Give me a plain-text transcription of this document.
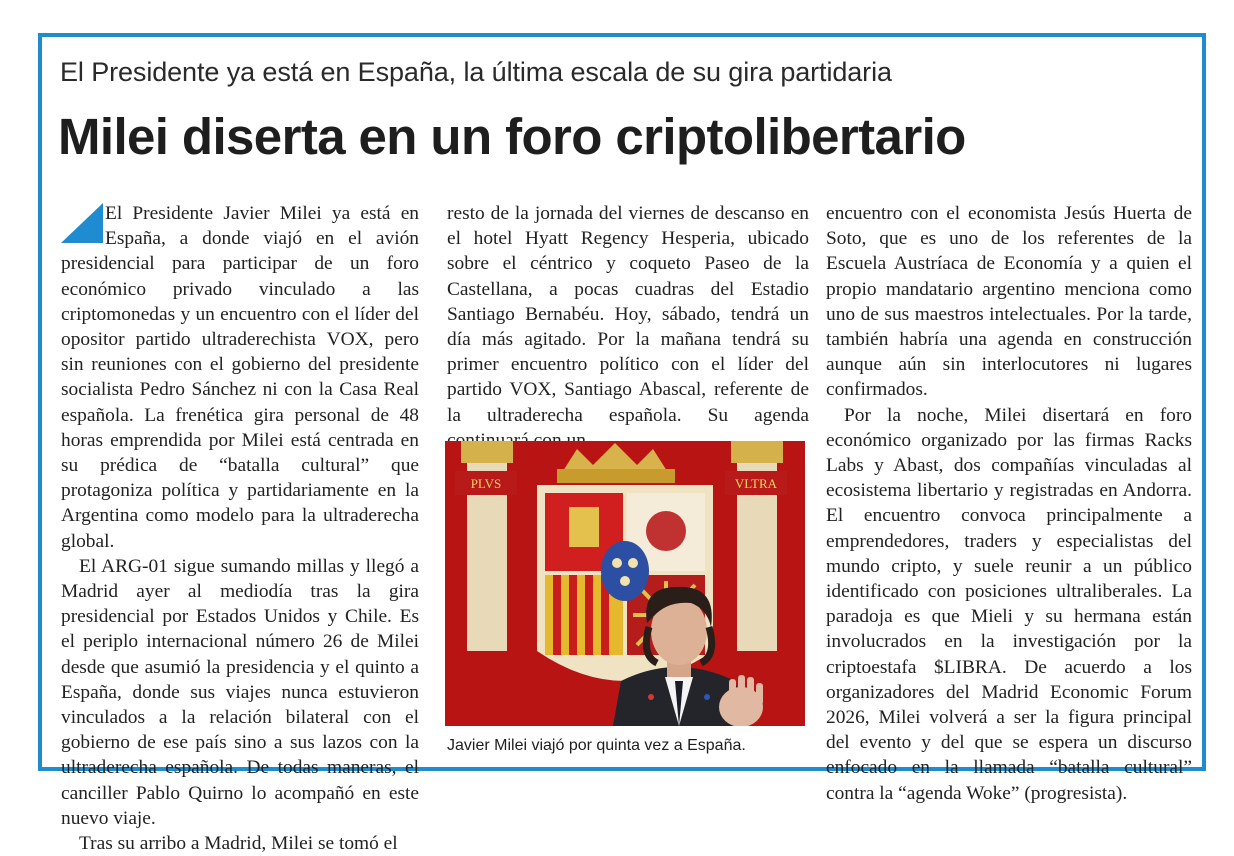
El Presidente ya está en España, la última escala de su gira partidaria
Milei diserta en un foro criptolibertario

El Presidente Javier Milei ya está en España, a donde viajó en el avión presidencial para participar de un foro económico privado vinculado a las criptomonedas y un encuentro con el líder del opositor partido ultraderechista VOX, pero sin reuniones con el gobierno del presidente socialista Pedro Sánchez ni con la Casa Real española. La frenética gira personal de 48 horas emprendida por Milei está centrada en su prédica de “batalla cultural” que protagoniza política y partidariamente en la Argentina como modelo para la ultraderecha global.

El ARG-01 sigue sumando millas y llegó a Madrid ayer al mediodía tras la gira presidencial por Estados Unidos y Chile. Es el periplo internacional número 26 de Milei desde que asumió la presidencia y el quinto a España, donde sus viajes nunca estuvieron vinculados a la relación bilateral con el gobierno de ese país sino a sus lazos con la ultraderecha española. De todas maneras, el canciller Pablo Quirno lo acompañó en este nuevo viaje.

Tras su arribo a Madrid, Milei se tomó el

resto de la jornada del viernes de descanso en el hotel Hyatt Regency Hesperia, ubicado sobre el céntrico y coqueto Paseo de la Castellana, a pocas cuadras del Estadio Santiago Bernabéu. Hoy, sábado, tendrá un día más agitado. Por la mañana tendrá su primer encuentro político con el líder del partido VOX, Santiago Abascal, referente de la ultraderecha española. Su agenda

PLVS	VLTRA
Javier Milei viajó por quinta vez a España.

encuentro con el economista Jesús Huerta de Soto, que es uno de los referentes de la Escuela Austríaca de Economía y a quien el propio mandatario argentino menciona como uno de sus maestros intelectuales. Por la tarde, también habría una agenda en construcción aunque aún sin interlocutores ni lugares confirmados.

Por la noche, Milei disertará en foro económico organizado por las firmas Racks Labs y Abast, dos compañías vinculadas al ecosistema libertario y registradas en Andorra. El encuentro convoca principalmente a emprendedores, traders y especialistas del mundo cripto, y suele reunir a un público identificado con posiciones ultraliberales. La paradoja es que Mieli y su hermana están involucrados en la investigación por la criptoestafa $LIBRA. De acuerdo a los organizadores del Madrid Economic Forum 2026, Milei volverá a ser la figura principal del evento y del que se espera un discurso enfocado en la llamada “batalla cultural” contra la “agenda Woke” (progresista).
